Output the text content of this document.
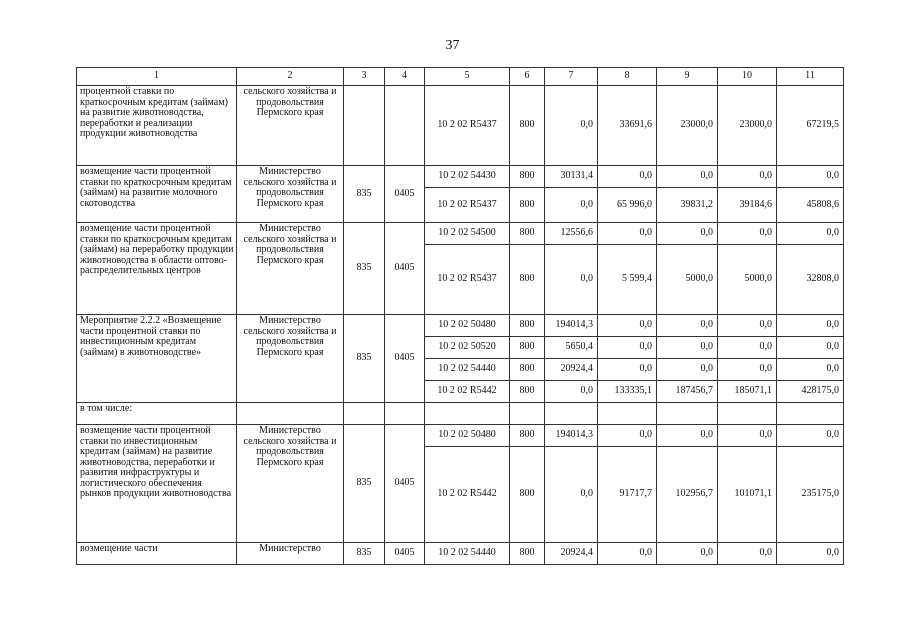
37
1	2	3	4	5	6	7	8	9	10	11
процентной ставки по краткосрочным кредитам (займам) на развитие животноводства, переработки и реализации продукции животноводства	сельского хозяйства и продовольствия Пермского края			10 2 02 R5437	800	0,0	33691,6	23000,0	23000,0	67219,5
возмещение части процентной ставки по краткосрочным кредитам (займам) на развитие молочного скотоводства	Министерство сельского хозяйства и продовольствия Пермского края	835	0405	10 2 02 54430	800	30131,4	0,0	0,0	0,0	0,0
				10 2 02 R5437	800	0,0	65 996,0	39831,2	39184,6	45808,6
возмещение части процентной ставки по краткосрочным кредитам (займам) на переработку продукции животноводства в области оптово-распределительных центров	Министерство сельского хозяйства и продовольствия Пермского края	835	0405	10 2 02 54500	800	12556,6	0,0	0,0	0,0	0,0
				10 2 02 R5437	800	0,0	5 599,4	5000,0	5000,0	32808,0
Мероприятие 2.2.2 «Возмещение части процентной ставки по инвестиционным кредитам (займам) в животноводстве»	Министерство сельского хозяйства и продовольствия Пермского края	835	0405	10 2 02 50480	800	194014,3	0,0	0,0	0,0	0,0
				10 2 02 50520	800	5650,4	0,0	0,0	0,0	0,0
				10 2 02 54440	800	20924,4	0,0	0,0	0,0	0,0
				10 2 02 R5442	800	0,0	133335,1	187456,7	185071,1	428175,0
в том числе:										
возмещение части процентной ставки по инвестиционным кредитам (займам) на развитие животноводства, переработки и развития инфраструктуры и логистического обеспечения рынков продукции животноводства	Министерство сельского хозяйства и продовольствия Пермского края	835	0405	10 2 02 50480	800	194014,3	0,0	0,0	0,0	0,0
				10 2 02 R5442	800	0,0	91717,7	102956,7	101071,1	235175,0
возмещение части	Министерство	835	0405	10 2 02 54440	800	20924,4	0,0	0,0	0,0	0,0
